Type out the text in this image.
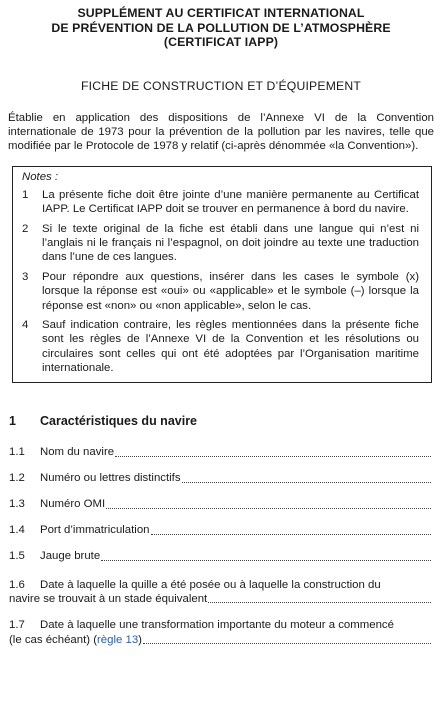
SUPPLÉMENT AU CERTIFICAT INTERNATIONAL
DE PRÉVENTION DE LA POLLUTION DE L’ATMOSPHÈRE
(CERTIFICAT IAPP)
FICHE DE CONSTRUCTION ET D’ÉQUIPEMENT
Établie en application des dispositions de l’Annexe VI de la Convention internationale de 1973 pour la prévention de la pollution par les navires, telle que modifiée par le Protocole de 1978 y relatif (ci-après dénommée «la Convention»).
Notes :
1	La présente fiche doit être jointe d’une manière permanente au Certificat IAPP. Le Certificat IAPP doit se trouver en permanence à bord du navire.
2	Si le texte original de la fiche est établi dans une langue qui n’est ni l’anglais ni le français ni l’espagnol, on doit joindre au texte une traduction dans l’une de ces langues.
3	Pour répondre aux questions, insérer dans les cases le symbole (x) lorsque la réponse est «oui» ou «applicable» et le symbole (–) lorsque la réponse est «non» ou «non applicable», selon le cas.
4	Sauf indication contraire, les règles mentionnées dans la présente fiche sont les règles de l’Annexe VI de la Convention et les résolutions ou circulaires sont celles qui ont été adoptées par l’Organisation maritime internationale.
1	Caractéristiques du navire
1.1	Nom du navire
1.2	Numéro ou lettres distinctifs
1.3	Numéro OMI
1.4	Port d’immatriculation
1.5	Jauge brute
1.6 Date à laquelle la quille a été posée ou à laquelle la construction du
navire se trouvait à un stade équivalent
1.7 Date à laquelle une transformation importante du moteur a commencé
(le cas échéant) (règle 13)
